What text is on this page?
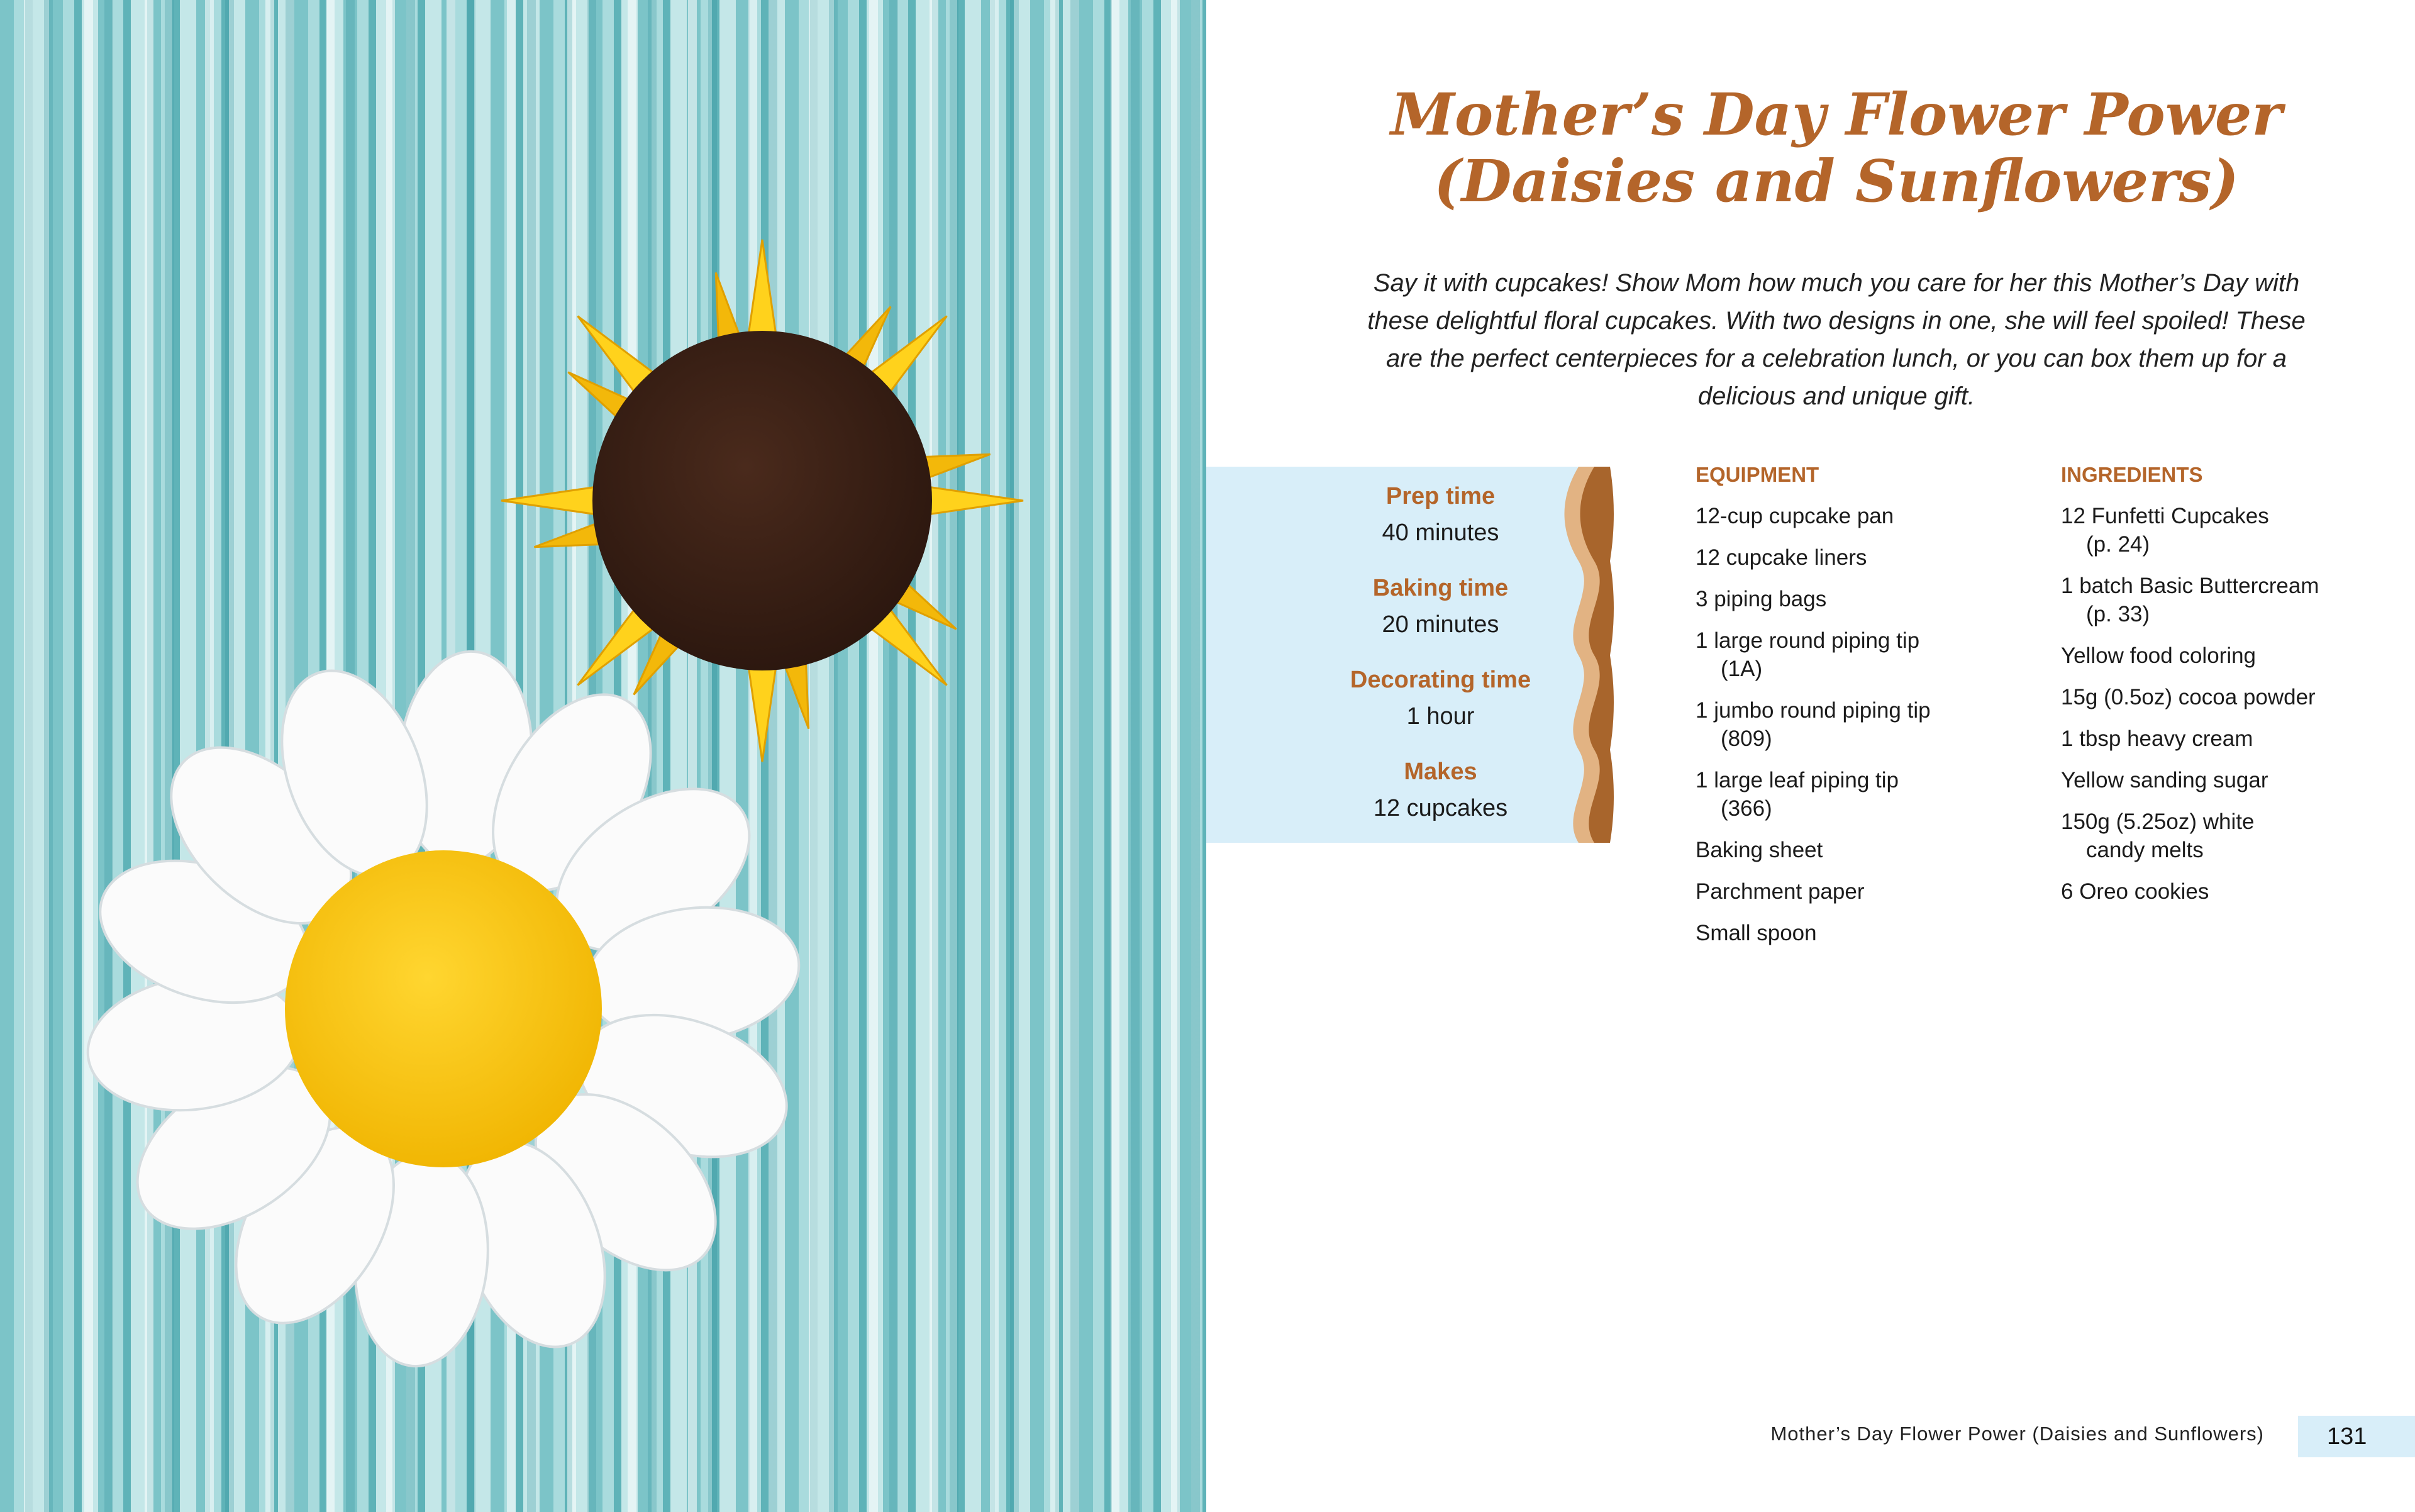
Mother’s Day Flower Power
(Daisies and Sunflowers)
Say it with cupcakes! Show Mom how much you care for her this Mother’s Day with these delightful floral cupcakes. With two designs in one, she will feel spoiled! These are the perfect centerpieces for a celebration lunch, or you can box them up for a delicious and unique gift.
Prep time
40 minutes
Baking time
20 minutes
Decorating time
1 hour
Makes
12 cupcakes
EQUIPMENT
12-cup cupcake pan
12 cupcake liners
3 piping bags
1 large round piping tip
(1A)
1 jumbo round piping tip
(809)
1 large leaf piping tip
(366)
Baking sheet
Parchment paper
Small spoon
INGREDIENTS
12 Funfetti Cupcakes
(p. 24)
1 batch Basic Buttercream
(p. 33)
Yellow food coloring
15g (0.5oz) cocoa powder
1 tbsp heavy cream
Yellow sanding sugar
150g (5.25oz) white
candy melts
6 Oreo cookies
Mother’s Day Flower Power (Daisies and Sunflowers)	131
